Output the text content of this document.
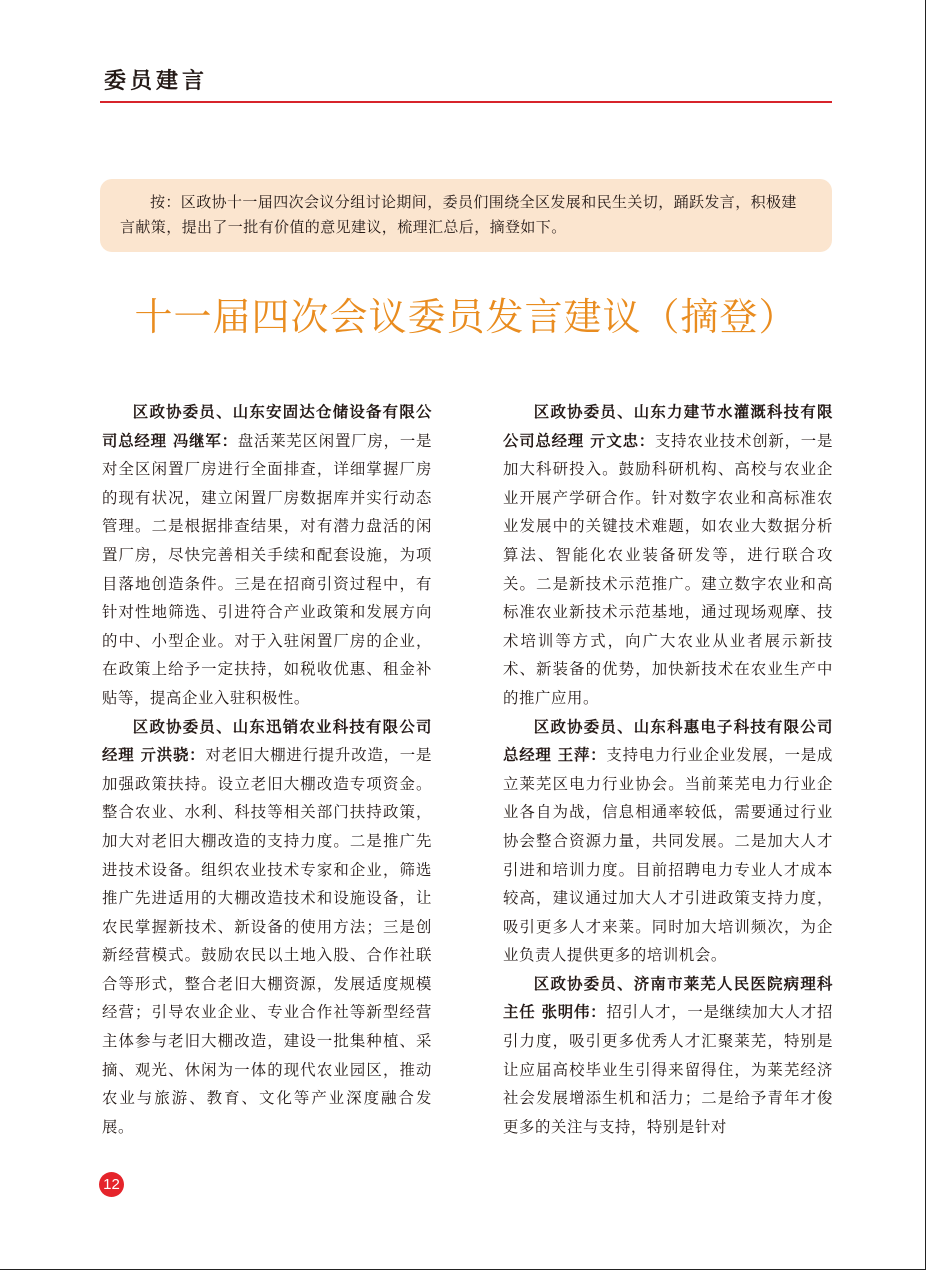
委员建言

按：区政协十一届四次会议分组讨论期间，委员们围绕全区发展和民生关切，踊跃发言，积极建言献策，提出了一批有价值的意见建议，梳理汇总后，摘登如下。

十一届四次会议委员发言建议（摘登）

区政协委员、山东安固达仓储设备有限公司总经理 冯继军：盘活莱芜区闲置厂房，一是对全区闲置厂房进行全面排查，详细掌握厂房的现有状况，建立闲置厂房数据库并实行动态管理。二是根据排查结果，对有潜力盘活的闲置厂房，尽快完善相关手续和配套设施，为项目落地创造条件。三是在招商引资过程中，有针对性地筛选、引进符合产业政策和发展方向的中、小型企业。对于入驻闲置厂房的企业，在政策上给予一定扶持，如税收优惠、租金补贴等，提高企业入驻积极性。

区政协委员、山东迅销农业科技有限公司经理 亓洪骁：对老旧大棚进行提升改造，一是加强政策扶持。设立老旧大棚改造专项资金。整合农业、水利、科技等相关部门扶持政策，加大对老旧大棚改造的支持力度。二是推广先进技术设备。组织农业技术专家和企业，筛选推广先进适用的大棚改造技术和设施设备，让农民掌握新技术、新设备的使用方法；三是创新经营模式。鼓励农民以土地入股、合作社联合等形式，整合老旧大棚资源，发展适度规模经营；引导农业企业、专业合作社等新型经营主体参与老旧大棚改造，建设一批集种植、采摘、观光、休闲为一体的现代农业园区，推动农业与旅游、教育、文化等产业深度融合发展。

区政协委员、山东力建节水灌溉科技有限公司总经理 亓文忠：支持农业技术创新，一是加大科研投入。鼓励科研机构、高校与农业企业开展产学研合作。针对数字农业和高标准农业发展中的关键技术难题，如农业大数据分析算法、智能化农业装备研发等，进行联合攻关。二是新技术示范推广。建立数字农业和高标准农业新技术示范基地，通过现场观摩、技术培训等方式，向广大农业从业者展示新技术、新装备的优势，加快新技术在农业生产中的推广应用。

区政协委员、山东科惠电子科技有限公司总经理 王萍：支持电力行业企业发展，一是成立莱芜区电力行业协会。当前莱芜电力行业企业各自为战，信息相通率较低，需要通过行业协会整合资源力量，共同发展。二是加大人才引进和培训力度。目前招聘电力专业人才成本较高，建议通过加大人才引进政策支持力度，吸引更多人才来莱。同时加大培训频次，为企业负责人提供更多的培训机会。

区政协委员、济南市莱芜人民医院病理科主任 张明伟：招引人才，一是继续加大人才招引力度，吸引更多优秀人才汇聚莱芜，特别是让应届高校毕业生引得来留得住，为莱芜经济社会发展增添生机和活力；二是给予青年才俊更多的关注与支持，特别是针对

12
